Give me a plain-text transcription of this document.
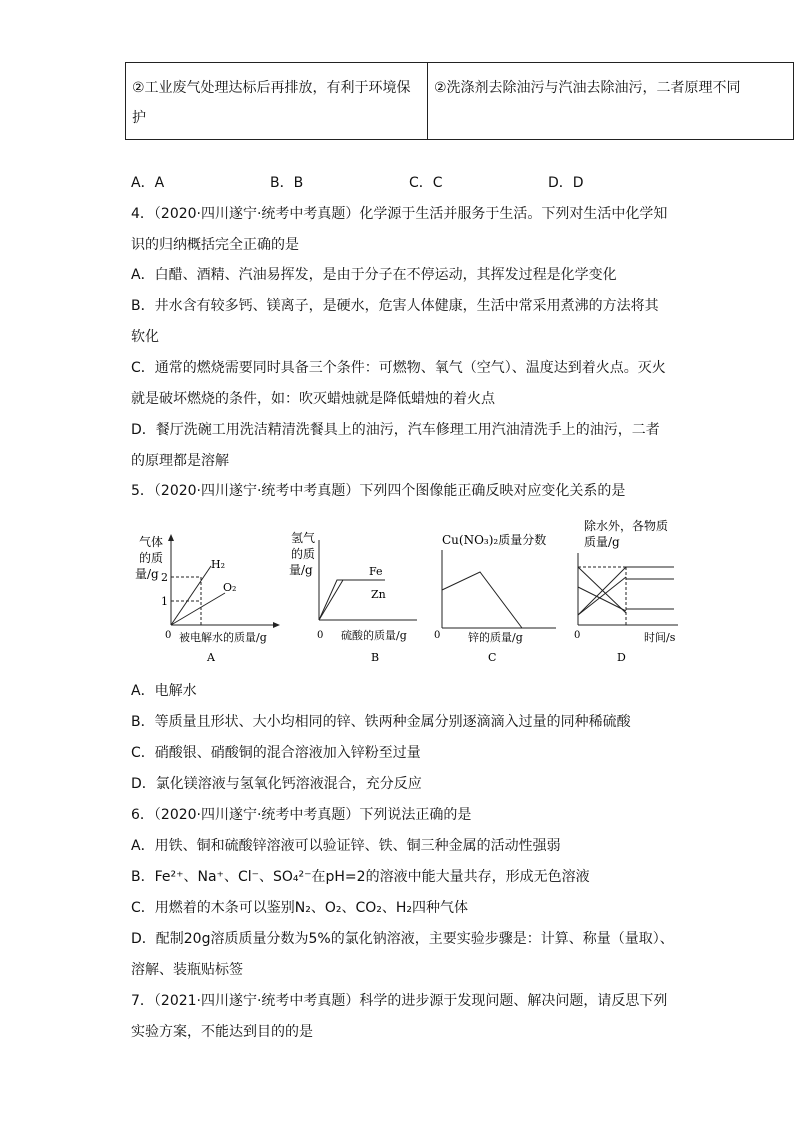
②工业废气处理达标后再排放，有利于环境保护	②洗涤剂去除油污与汽油去除油污，二者原理不同
A．A	B．B	C．C	D．D
4．（2020·四川遂宁·统考中考真题）化学源于生活并服务于生活。下列对生活中化学知
识的归纳概括完全正确的是
A．白醋、酒精、汽油易挥发，是由于分子在不停运动，其挥发过程是化学变化
B．井水含有较多钙、镁离子，是硬水，危害人体健康，生活中常采用煮沸的方法将其
软化
C．通常的燃烧需要同时具备三个条件：可燃物、氧气（空气）、温度达到着火点。灭火
就是破坏燃烧的条件，如：吹灭蜡烛就是降低蜡烛的着火点
D．餐厅洗碗工用洗洁精清洗餐具上的油污，汽车修理工用汽油清洗手上的油污，二者
的原理都是溶解
5．（2020·四川遂宁·统考中考真题）下列四个图像能正确反映对应变化关系的是
气体
的质
量/g 2
1
H₂
O₂
0 被电解水的质量/g
A
氢气
的质
量/g	Fe
Zn
0 硫酸的质量/g
B
Cu(NO₃)₂质量分数
0	锌的质量/g
C
除水外，各物质
质量/g
0	时间/s
D
A．电解水
B．等质量且形状、大小均相同的锌、铁两种金属分别逐滴滴入过量的同种稀硫酸
C．硝酸银、硝酸铜的混合溶液加入锌粉至过量
D．氯化镁溶液与氢氧化钙溶液混合，充分反应
6．（2020·四川遂宁·统考中考真题）下列说法正确的是
A．用铁、铜和硫酸锌溶液可以验证锌、铁、铜三种金属的活动性强弱
B．Fe²⁺、Na⁺、Cl⁻、SO₄²⁻在pH=2的溶液中能大量共存，形成无色溶液
C．用燃着的木条可以鉴别N₂、O₂、CO₂、H₂四种气体
D．配制20g溶质质量分数为5%的氯化钠溶液，主要实验步骤是：计算、称量（量取）、
溶解、装瓶贴标签
7．（2021·四川遂宁·统考中考真题）科学的进步源于发现问题、解决问题，请反思下列
实验方案，不能达到目的的是
